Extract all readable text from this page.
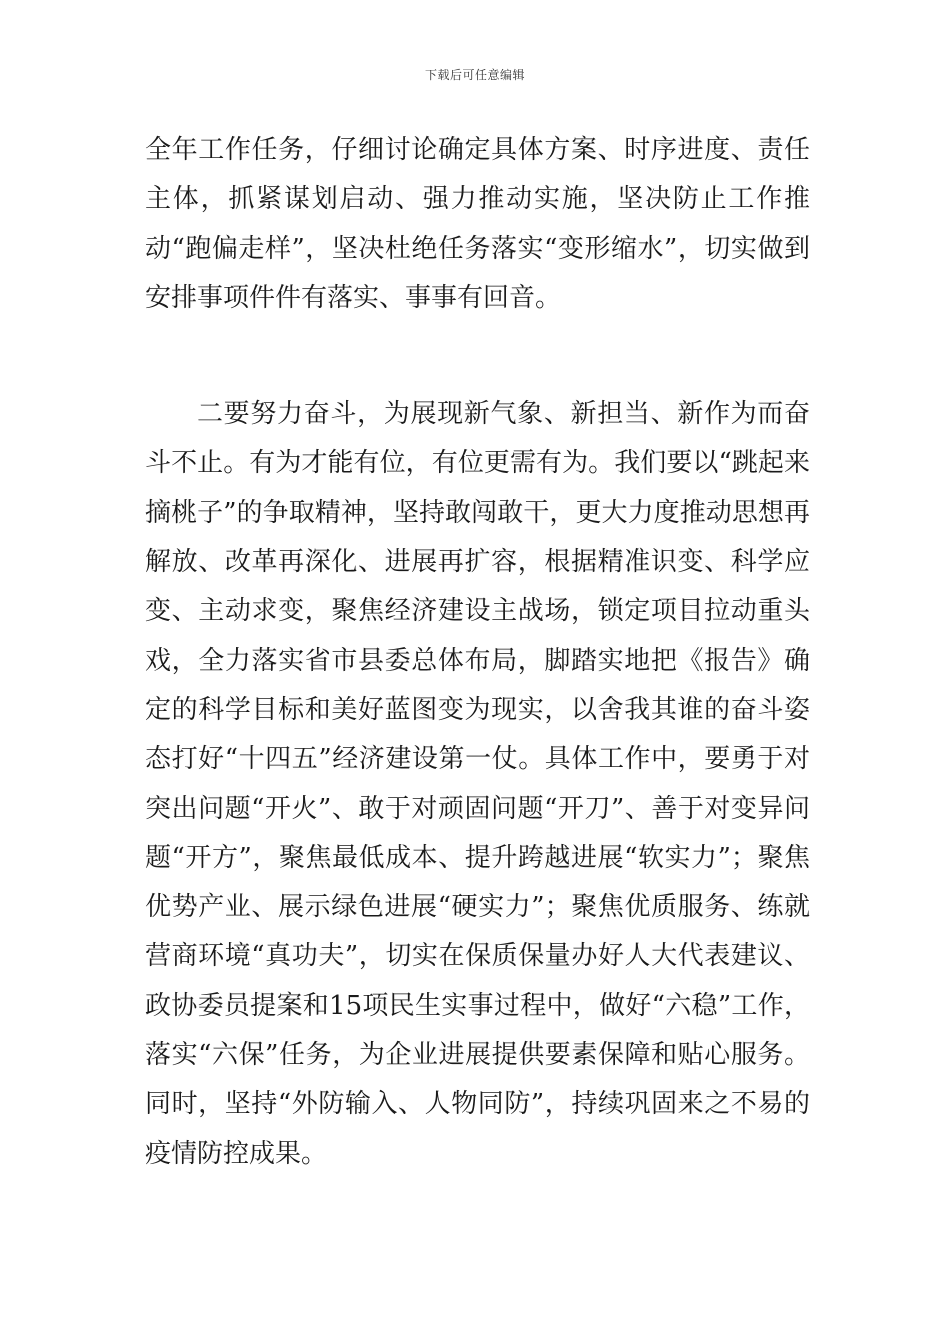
下载后可任意编辑

全年工作任务，仔细讨论确定具体方案、时序进度、责任主体，抓紧谋划启动、强力推动实施，坚决防止工作推动“跑偏走样”，坚决杜绝任务落实“变形缩水”，切实做到安排事项件件有落实、事事有回音。

二要努力奋斗，为展现新气象、新担当、新作为而奋斗不止。有为才能有位，有位更需有为。我们要以“跳起来摘桃子”的争取精神，坚持敢闯敢干，更大力度推动思想再解放、改革再深化、进展再扩容，根据精准识变、科学应变、主动求变，聚焦经济建设主战场，锁定项目拉动重头戏，全力落实省市县委总体布局，脚踏实地把《报告》确定的科学目标和美好蓝图变为现实，以舍我其谁的奋斗姿态打好“十四五”经济建设第一仗。具体工作中，要勇于对突出问题“开火”、敢于对顽固问题“开刀”、善于对变异问题“开方”，聚焦最低成本、提升跨越进展“软实力”；聚焦优势产业、展示绿色进展“硬实力”；聚焦优质服务、练就营商环境“真功夫”，切实在保质保量办好人大代表建议、政协委员提案和15项民生实事过程中，做好“六稳”工作，落实“六保”任务，为企业进展提供要素保障和贴心服务。同时，坚持“外防输入、人物同防”，持续巩固来之不易的疫情防控成果。
